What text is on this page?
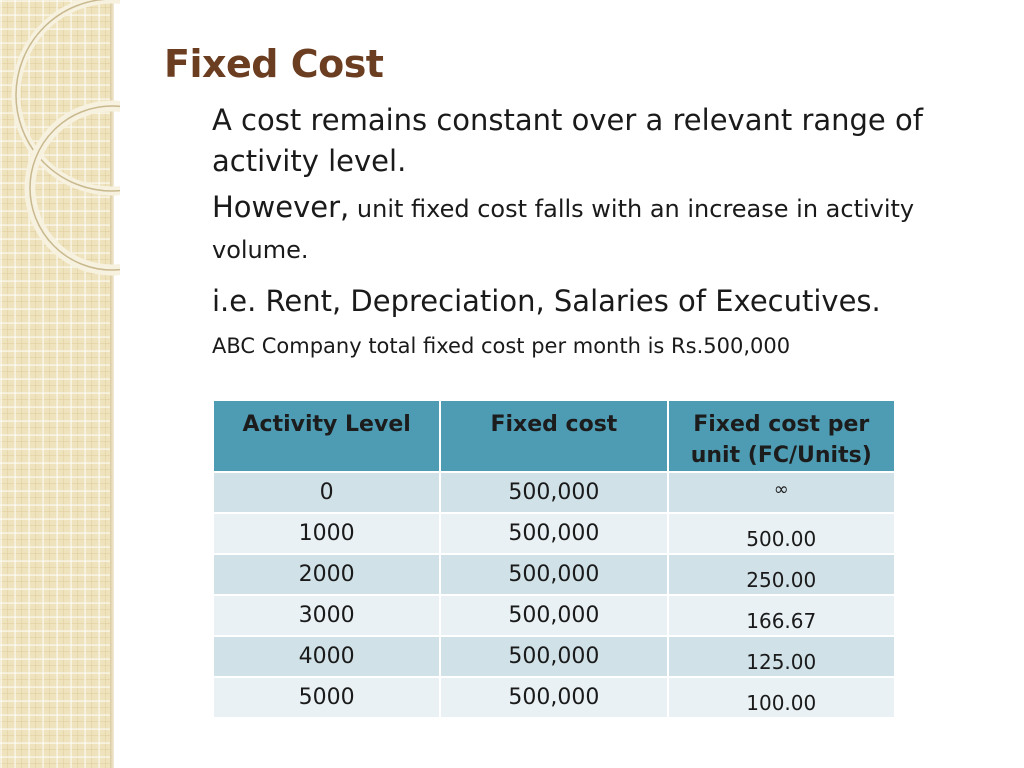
Fixed Cost

A cost remains constant over a relevant range of activity level.

However, unit fixed cost falls with an increase in activity volume.

i.e. Rent, Depreciation, Salaries of Executives.

ABC Company total fixed cost per month is Rs.500,000

Activity Level	Fixed cost	Fixed cost per unit (FC/Units)
0	500,000	∞
1000	500,000	500.00
2000	500,000	250.00
3000	500,000	166.67
4000	500,000	125.00
5000	500,000	100.00
